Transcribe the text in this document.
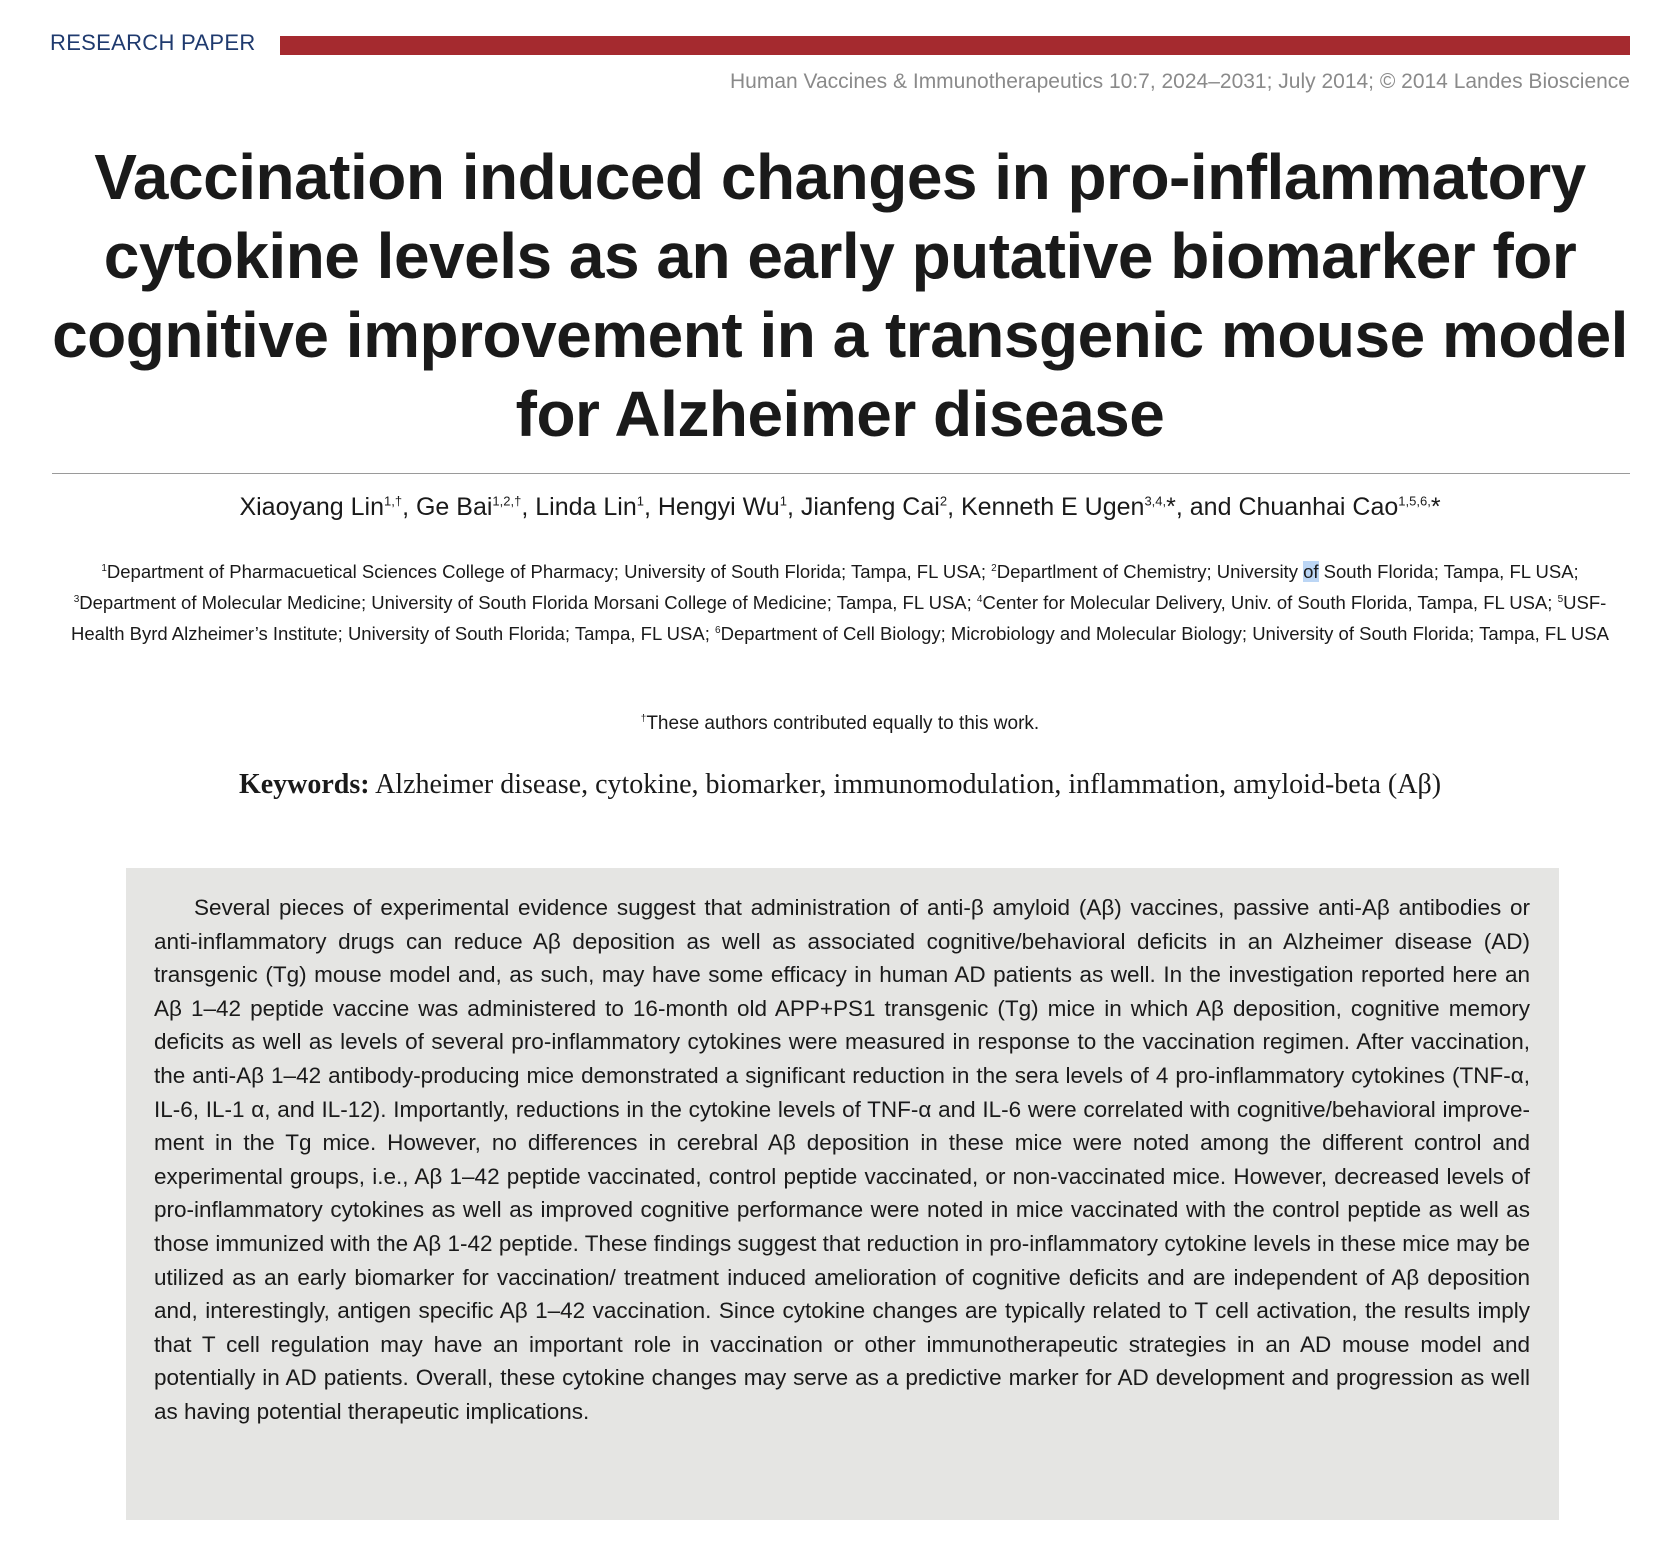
RESEARCH PAPER
Human Vaccines & Immunotherapeutics 10:7, 2024–2031; July 2014; © 2014 Landes Bioscience
Vaccination induced changes in pro-inflammatory cytokine levels as an early putative biomarker for cognitive improvement in a transgenic mouse model for Alzheimer disease
Xiaoyang Lin$^{1,\dagger}$, Ge Bai$^{1,2,\dagger}$, Linda Lin$^1$, Hengyi Wu$^1$, Jianfeng Cai$^2$, Kenneth E Ugen$^{3,4,}$*, and Chuanhai Cao$^{1,5,6,}$*
$^1$Department of Pharmacuetical Sciences College of Pharmacy; University of South Florida; Tampa, FL USA; $^2$Departlment of Chemistry; University of South Florida; Tampa, FL USA; $^3$Department of Molecular Medicine; University of South Florida Morsani College of Medicine; Tampa, FL USA; $^4$Center for Molecular Delivery, Univ. of South Florida, Tampa, FL USA; $^5$USF-Health Byrd Alzheimer’s Institute; University of South Florida; Tampa, FL USA; $^6$Department of Cell Biology; Microbiology and Molecular Biology; University of South Florida; Tampa, FL USA
†These authors contributed equally to this work.
Keywords: Alzheimer disease, cytokine, biomarker, immunomodulation, inflammation, amyloid-beta (Aβ)

Several pieces of experimental evidence suggest that administration of anti-β amyloid (Aβ) vaccines, passive anti-Aβ antibodies or anti-inflammatory drugs can reduce Aβ deposition as well as associated cognitive/behavioral deficits in an Alzheimer disease (AD) transgenic (Tg) mouse model and, as such, may have some efficacy in human AD patients as well. In the investigation reported here an Aβ 1–42 peptide vaccine was administered to 16-month old APP+PS1 transgenic (Tg) mice in which Aβ deposition, cognitive memory deficits as well as levels of several pro-inflammatory cytokines were measured in response to the vaccination regimen. After vaccination, the anti-Aβ 1–42 antibody-producing mice demonstrated a significant reduction in the sera levels of 4 pro-inflammatory cytokines (TNF-α, IL-6, IL-1 α, and IL-12). Importantly, reductions in the cytokine levels of TNF-α and IL-6 were correlated with cognitive/behavioral improvement in the Tg mice. However, no differences in cerebral Aβ deposition in these mice were noted among the different control and experimental groups, i.e., Aβ 1–42 peptide vaccinated, control peptide vaccinated, or non-vaccinated mice. However, decreased levels of pro-inflammatory cytokines as well as improved cognitive performance were noted in mice vaccinated with the control peptide as well as those immunized with the Aβ 1-42 peptide. These findings suggest that reduction in pro-inflammatory cytokine levels in these mice may be utilized as an early biomarker for vaccination/ treatment induced amelioration of cognitive deficits and are independent of Aβ deposition and, interestingly, antigen specific Aβ 1–42 vaccination. Since cytokine changes are typically related to T cell activation, the results imply that T cell regulation may have an important role in vaccination or other immunotherapeutic strategies in an AD mouse model and potentially in AD patients. Overall, these cytokine changes may serve as a predictive marker for AD development and progression as well as having potential therapeutic implications.
